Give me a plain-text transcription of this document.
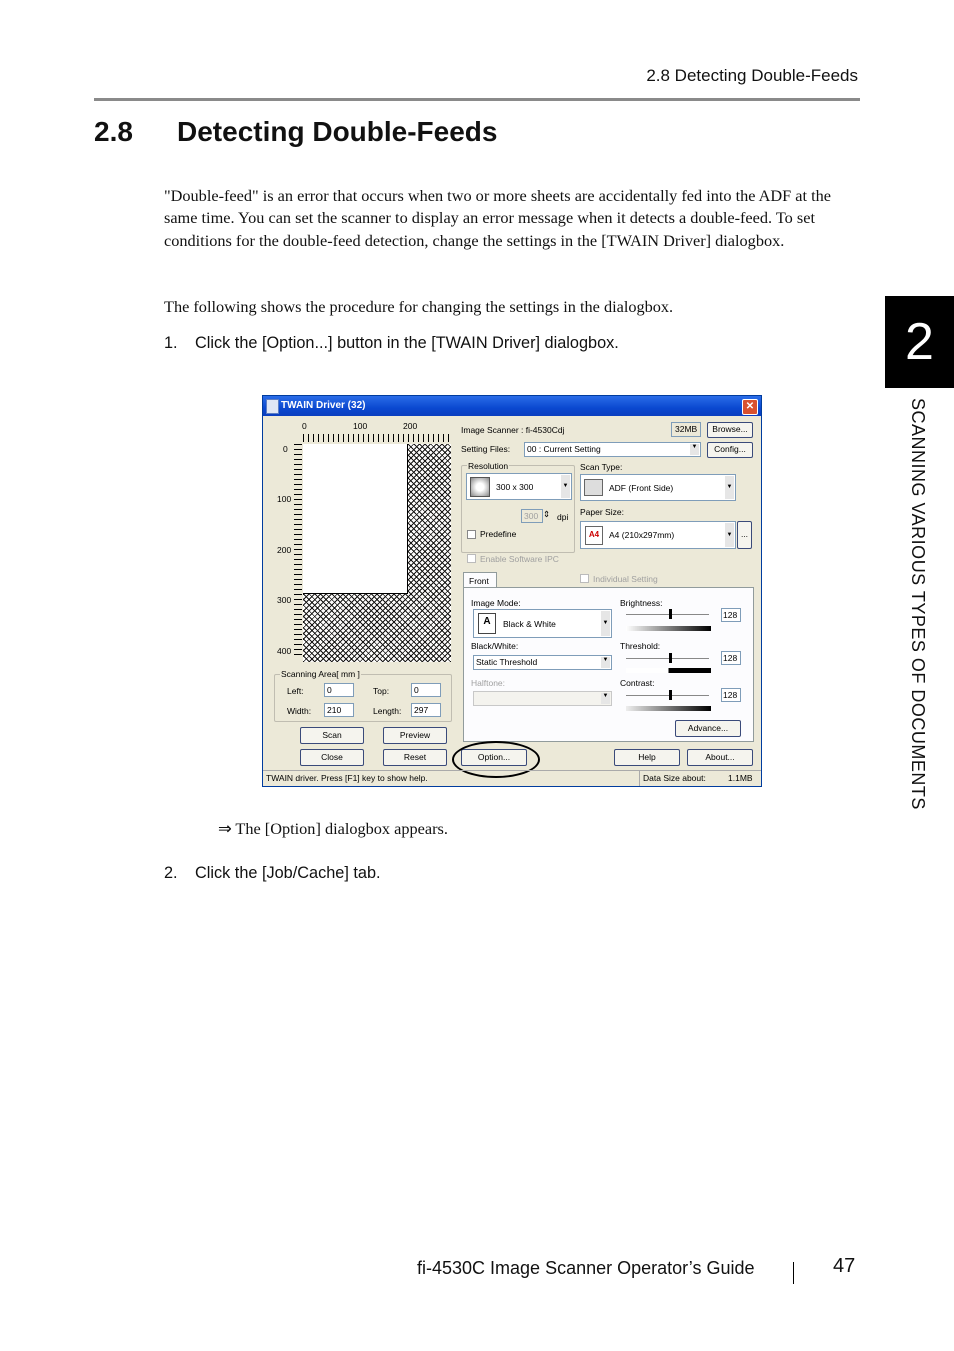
2.8 Detecting Double-Feeds
2.8 Detecting Double-Feeds
"Double-feed" is an error that occurs when two or more sheets are accidentally fed into the ADF at the same time. You can set the scanner to display an error message when it detects a double-feed. To set conditions for the double-feed detection, change the settings in the [TWAIN Driver] dialogbox.
The following shows the procedure for changing the settings in the dialogbox.
1. Click the [Option...] button in the [TWAIN Driver] dialogbox.
TWAIN Driver (32)	✕
0	100	200
0
100
200
300
400
Scanning Area[ mm ]
Left:	0	Top:	0
Width: 210	Length: 297
Scan	Preview
Close	Reset
Image Scanner : fi-4530Cdj	32MB	Browse...
Setting Files: 00 : Current Setting	▼	Config...
Resolution
300 x 300	▼
300 ⇕ dpi
Predefine
Scan Type:
ADF (Front Side)	▼
Paper Size:
A4	A4 (210x297mm)	▼ ...
Enable Software IPC
Front	Individual Setting
Image Mode:
A	Black & White	▼
Black/White:
Static Threshold	▼
Halftone:
▼
Brightness:
128
Threshold:
128
Contrast:
128
Advance...
Option...	Help	About...
TWAIN driver. Press [F1] key to show help.	Data Size about:	1.1MB
⇒ The [Option] dialogbox appears.
2. Click the [Job/Cache] tab.
2
SCANNING VARIOUS TYPES OF DOCUMENTS
fi-4530C Image Scanner Operator’s Guide	47
